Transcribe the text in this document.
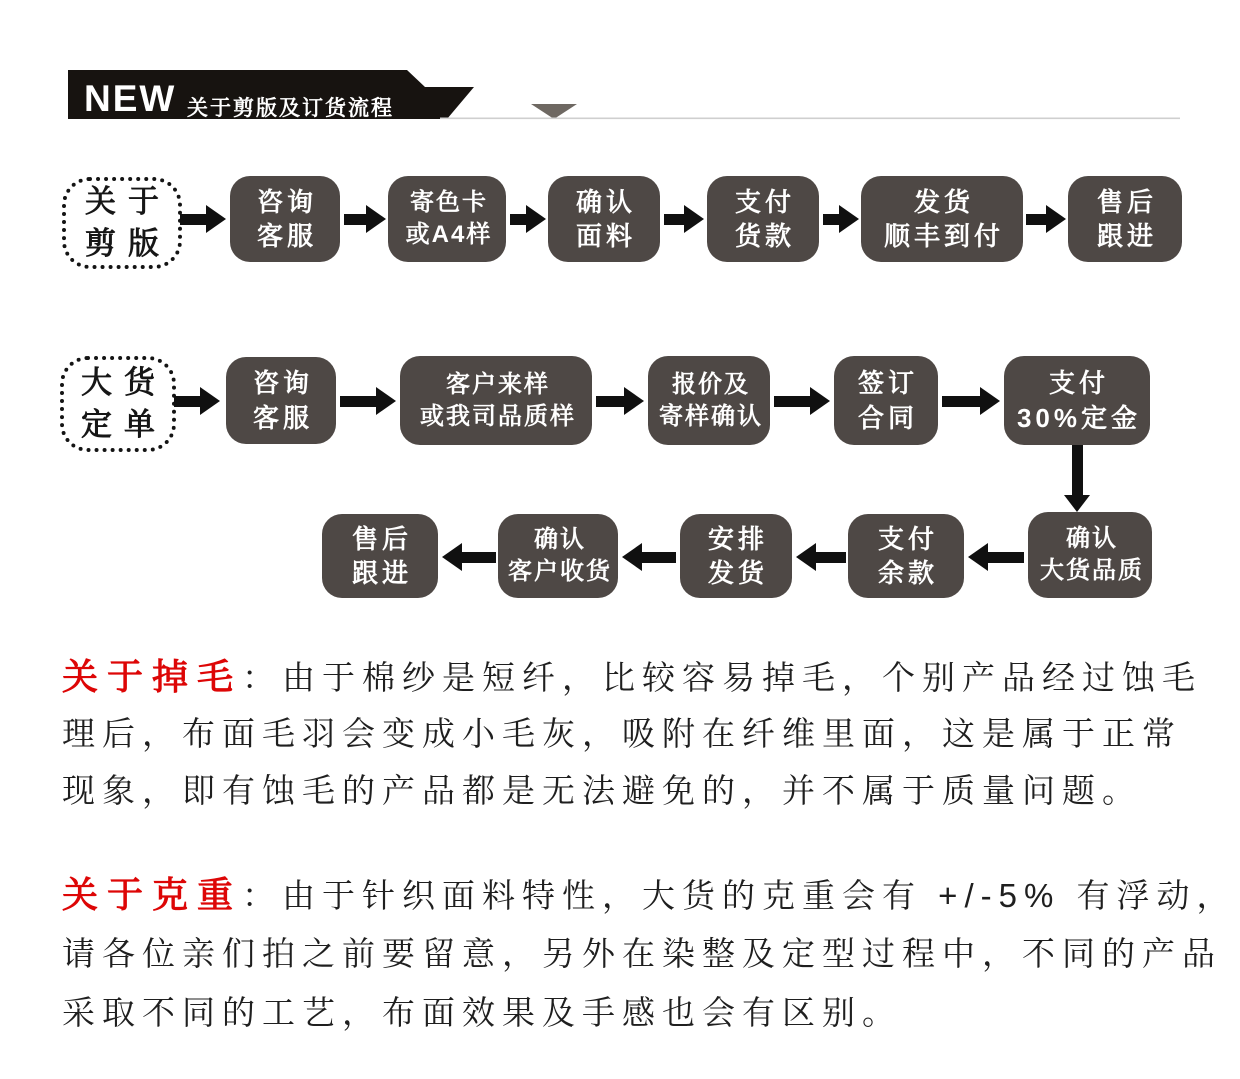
NEW 关于剪版及订货流程
关于
剪版
咨询
客服
寄色卡
或A4样
确认
面料
支付
货款
发货
顺丰到付
售后
跟进
大货
定单
咨询
客服
客户来样
或我司品质样
报价及
寄样确认
签订
合同
支付
30%定金
售后
跟进
确认
客户收货
安排
发货
支付
余款
确认
大货品质
关于掉毛：由于棉纱是短纤，比较容易掉毛，个别产品经过蚀毛
理后，布面毛羽会变成小毛灰，吸附在纤维里面，这是属于正常
现象，即有蚀毛的产品都是无法避免的，并不属于质量问题。
关于克重：由于针织面料特性，大货的克重会有 +/-5% 有浮动，
请各位亲们拍之前要留意，另外在染整及定型过程中，不同的产品
采取不同的工艺，布面效果及手感也会有区别。
